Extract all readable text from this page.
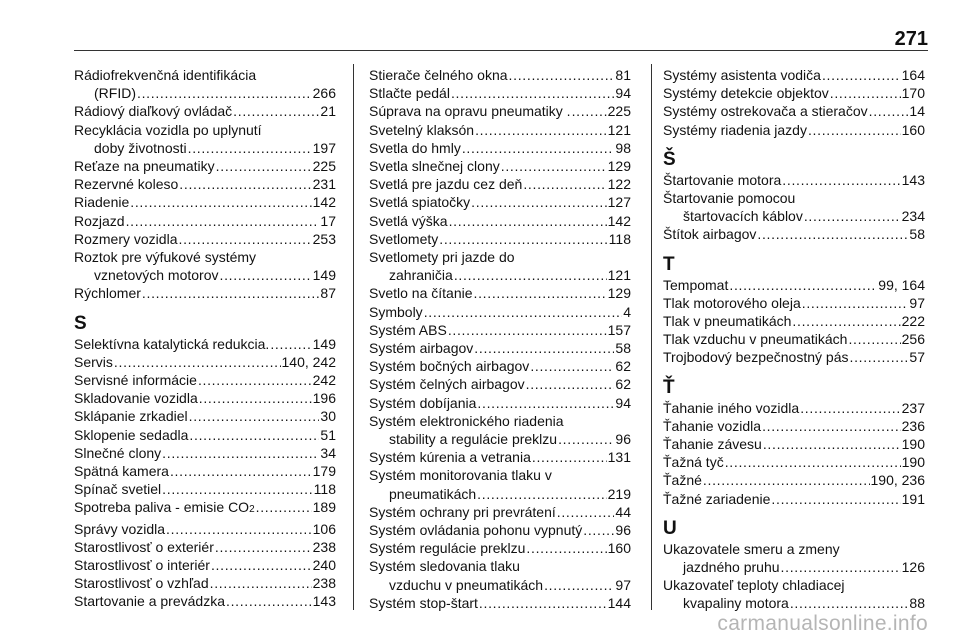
271
Rádiofrekvenčná identifikácia
(RFID) . . .	266
Rádiový diaľkový ovládač . . .	21
Recyklácia vozidla po uplynutí
doby životnosti . . .	197
Reťaze na pneumatiky . . .	225
Rezervné koleso . . .	231
Riadenie . . .	142
Rozjazd . . .	17
Rozmery vozidla . . .	253
Roztok pre výfukové systémy
vznetových motorov . . .	149
Rýchlomer . . .	87
S
Selektívna katalytická redukcia. . . .	149
Servis . . .	140, 242
Servisné informácie . . .	242
Skladovanie vozidla . . .	196
Sklápanie zrkadiel . . .	30
Sklopenie sedadla . . .	51
Slnečné clony . . .	34
Spätná kamera . . .	179
Spínač svetiel . . .	118
Spotreba paliva - emisie $CO_2$ . . .	189
Správy vozidla . . .	106
Starostlivosť o exteriér . . .	238
Starostlivosť o interiér . . .	240
Starostlivosť o vzhľad . . .	238
Startovanie a prevádzka . . .	143
Stierače čelného okna . . .	81
Stlačte pedál . . .	94
Súprava na opravu pneumatiky . . . .	225
Svetelný klaksón . . .	121
Svetla do hmly . . .	98
Svetla slnečnej clony . . .	129
Svetlá pre jazdu cez deň . . .	122
Svetlá spiatočky . . .	127
Svetlá výška . . .	142
Svetlomety . . .	118
Svetlomety pri jazde do
zahraničia . . .	121
Svetlo na čítanie . . .	129
Symboly . . .	4
Systém ABS . . .	157
Systém airbagov . . .	58
Systém bočných airbagov . . .	62
Systém čelných airbagov . . .	62
Systém dobíjania . . .	94
Systém elektronického riadenia
stability a regulácie preklzu . . .	96
Systém kúrenia a vetrania . . .	131
Systém monitorovania tlaku v
pneumatikách . . .	219
Systém ochrany pri prevrátení . . .	44
Systém ovládania pohonu vypnutý . . . 96
Systém regulácie preklzu . . .	160
Systém sledovania tlaku
vzduchu v pneumatikách . . .	97
Systém stop-štart . . .	144
Systémy asistenta vodiča . . .	164
Systémy detekcie objektov . . .	170
Systémy ostrekovača a stieračov . . .	14
Systémy riadenia jazdy . . .	160
Š
Štartovanie motora . . .	143
Štartovanie pomocou
štartovacích káblov . . .	234
Štítok airbagov . . .	58
T
Tempomat . . .	99, 164
Tlak motorového oleja . . .	97
Tlak v pneumatikách . . .	222
Tlak vzduchu v pneumatikách . . .	256
Trojbodový bezpečnostný pás . . .	57
Ť
Ťahanie iného vozidla . . .	237
Ťahanie vozidla . . .	236
Ťahanie závesu . . .	190
Ťažná tyč . . .	190
Ťažné . . .	190, 236
Ťažné zariadenie . . .	191
U
Ukazovatele smeru a zmeny
jazdného pruhu . . .	126
Ukazovateľ teploty chladiacej
kvapaliny motora . . .	88
carmanualsonline.info
